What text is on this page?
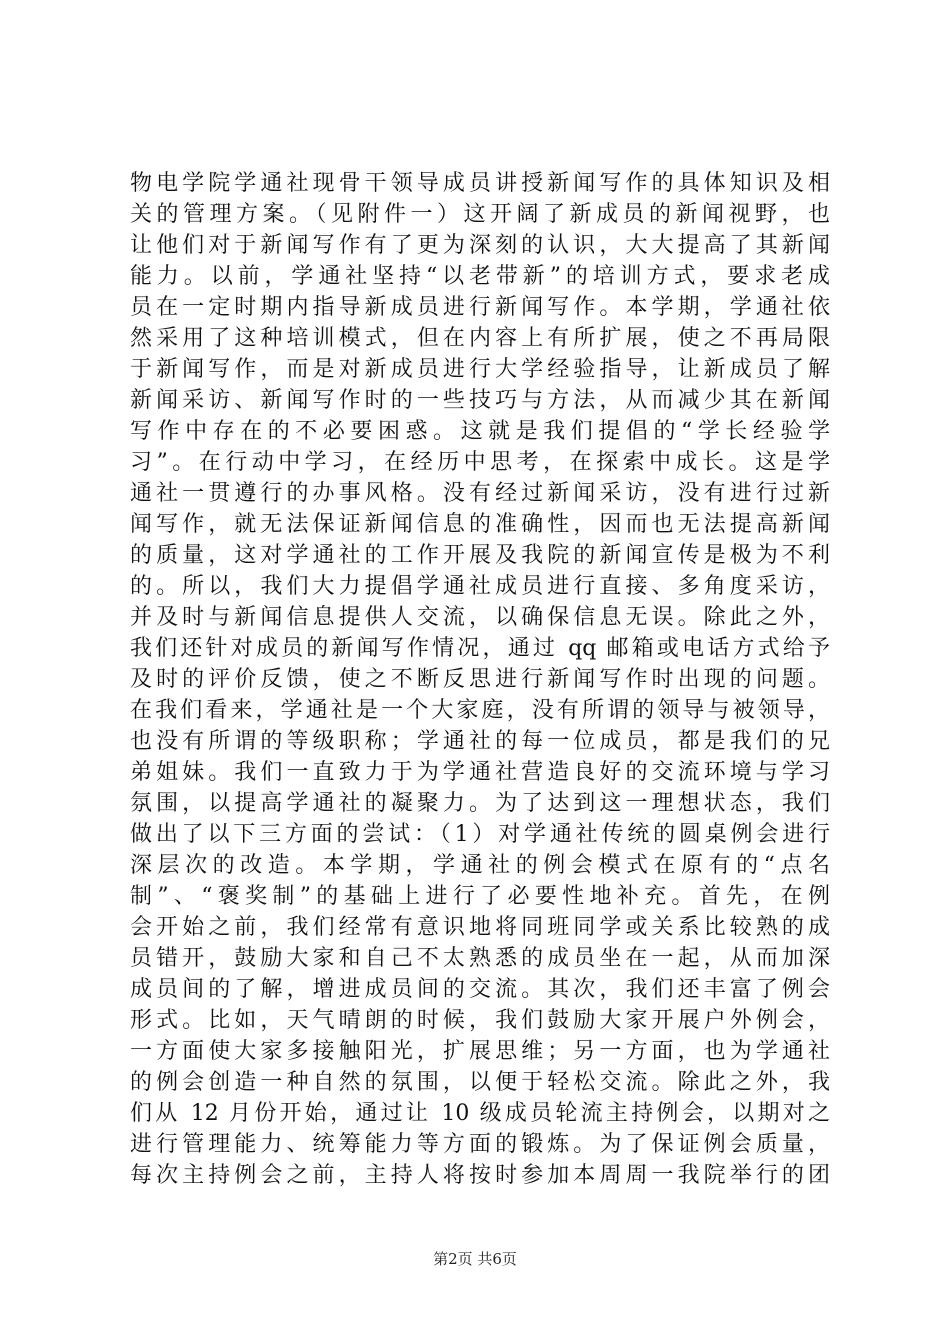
物电学院学通社现骨干领导成员讲授新闻写作的具体知识及相
关的管理方案。（见附件一）这开阔了新成员的新闻视野，也
让他们对于新闻写作有了更为深刻的认识，大大提高了其新闻
能力。以前，学通社坚持“以老带新”的培训方式，要求老成
员在一定时期内指导新成员进行新闻写作。本学期，学通社依
然采用了这种培训模式，但在内容上有所扩展，使之不再局限
于新闻写作，而是对新成员进行大学经验指导，让新成员了解
新闻采访、新闻写作时的一些技巧与方法，从而减少其在新闻
写作中存在的不必要困惑。这就是我们提倡的“学长经验学
习”。在行动中学习，在经历中思考，在探索中成长。这是学
通社一贯遵行的办事风格。没有经过新闻采访，没有进行过新
闻写作，就无法保证新闻信息的准确性，因而也无法提高新闻
的质量，这对学通社的工作开展及我院的新闻宣传是极为不利
的。所以，我们大力提倡学通社成员进行直接、多角度采访，
并及时与新闻信息提供人交流，以确保信息无误。除此之外，
我们还针对成员的新闻写作情况，通过 qq 邮箱或电话方式给予
及时的评价反馈，使之不断反思进行新闻写作时出现的问题。
在我们看来，学通社是一个大家庭，没有所谓的领导与被领导，
也没有所谓的等级职称；学通社的每一位成员，都是我们的兄
弟姐妹。我们一直致力于为学通社营造良好的交流环境与学习
氛围，以提高学通社的凝聚力。为了达到这一理想状态，我们
做出了以下三方面的尝试：（1）对学通社传统的圆桌例会进行
深层次的改造。本学期，学通社的例会模式在原有的“点名
制”、“褒奖制”的基础上进行了必要性地补充。首先，在例
会开始之前，我们经常有意识地将同班同学或关系比较熟的成
员错开，鼓励大家和自己不太熟悉的成员坐在一起，从而加深
成员间的了解，增进成员间的交流。其次，我们还丰富了例会
形式。比如，天气晴朗的时候，我们鼓励大家开展户外例会，
一方面使大家多接触阳光，扩展思维；另一方面，也为学通社
的例会创造一种自然的氛围，以便于轻松交流。除此之外，我
们从 12 月份开始，通过让 10 级成员轮流主持例会，以期对之
进行管理能力、统筹能力等方面的锻炼。为了保证例会质量，
每次主持例会之前，主持人将按时参加本周周一我院举行的团
第2页 共6页
